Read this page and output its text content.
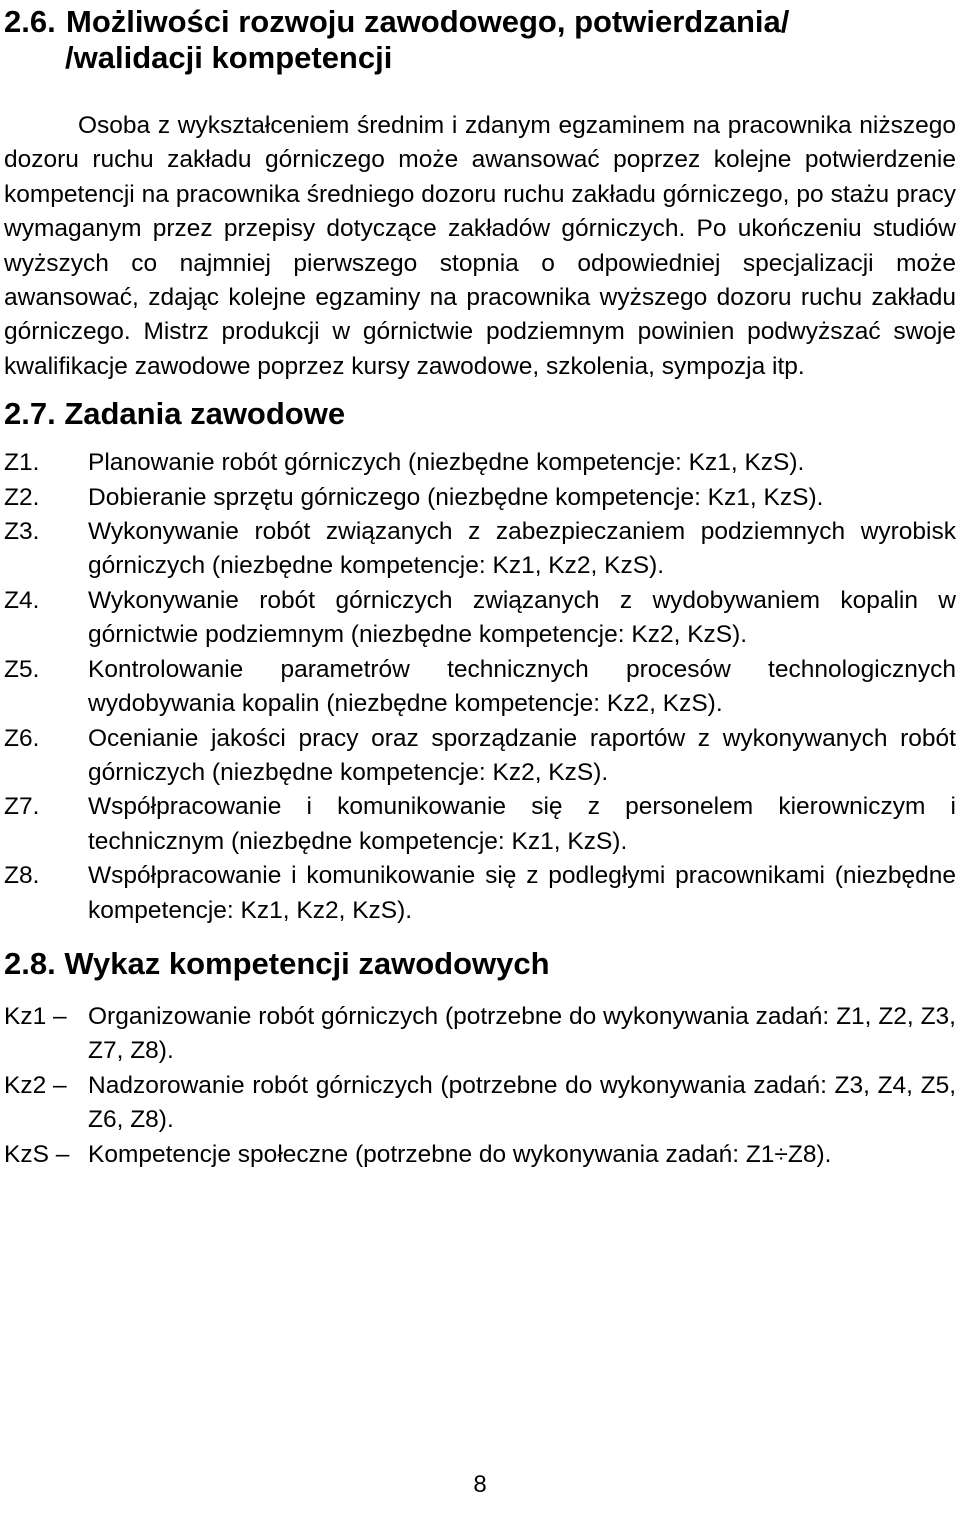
2.6. Możliwości rozwoju zawodowego, potwierdzania/
/walidacji kompetencji

Osoba z wykształceniem średnim i zdanym egzaminem na pracownika niższego dozoru ruchu zakładu górniczego może awansować poprzez kolejne potwierdzenie kompetencji na pracownika średniego dozoru ruchu zakładu górniczego, po stażu pracy wymaganym przez przepisy dotyczące zakładów górniczych. Po ukończeniu studiów wyższych co najmniej pierwszego stopnia o odpowiedniej specjalizacji może awansować, zdając kolejne egzaminy na pracownika wyższego dozoru ruchu zakładu górniczego. Mistrz produkcji w górnictwie podziemnym powinien podwyższać swoje kwalifikacje zawodowe poprzez kursy zawodowe, szkolenia, sympozja itp.

2.7. Zadania zawodowe
Z1.	Planowanie robót górniczych (niezbędne kompetencje: Kz1, KzS).
Z2.	Dobieranie sprzętu górniczego (niezbędne kompetencje: Kz1, KzS).
Z3.	Wykonywanie robót związanych z zabezpieczaniem podziemnych wyrobisk górniczych (niezbędne kompetencje: Kz1, Kz2, KzS).
Z4.	Wykonywanie robót górniczych związanych z wydobywaniem kopalin w górnictwie podziemnym (niezbędne kompetencje: Kz2, KzS).
Z5.	Kontrolowanie parametrów technicznych procesów technologicznych wydobywania kopalin (niezbędne kompetencje: Kz2, KzS).
Z6.	Ocenianie jakości pracy oraz sporządzanie raportów z wykonywanych robót górniczych (niezbędne kompetencje: Kz2, KzS).
Z7.	Współpracowanie i komunikowanie się z personelem kierowniczym i technicznym (niezbędne kompetencje: Kz1, KzS).
Z8.	Współpracowanie i komunikowanie się z podległymi pracownikami (niezbędne kompetencje: Kz1, Kz2, KzS).
2.8. Wykaz kompetencji zawodowych
Kz1 – Organizowanie robót górniczych (potrzebne do wykonywania zadań: Z1, Z2, Z3, Z7, Z8).
Kz2 – Nadzorowanie robót górniczych (potrzebne do wykonywania zadań: Z3, Z4, Z5, Z6, Z8).
KzS – Kompetencje społeczne (potrzebne do wykonywania zadań: Z1÷Z8).
8
